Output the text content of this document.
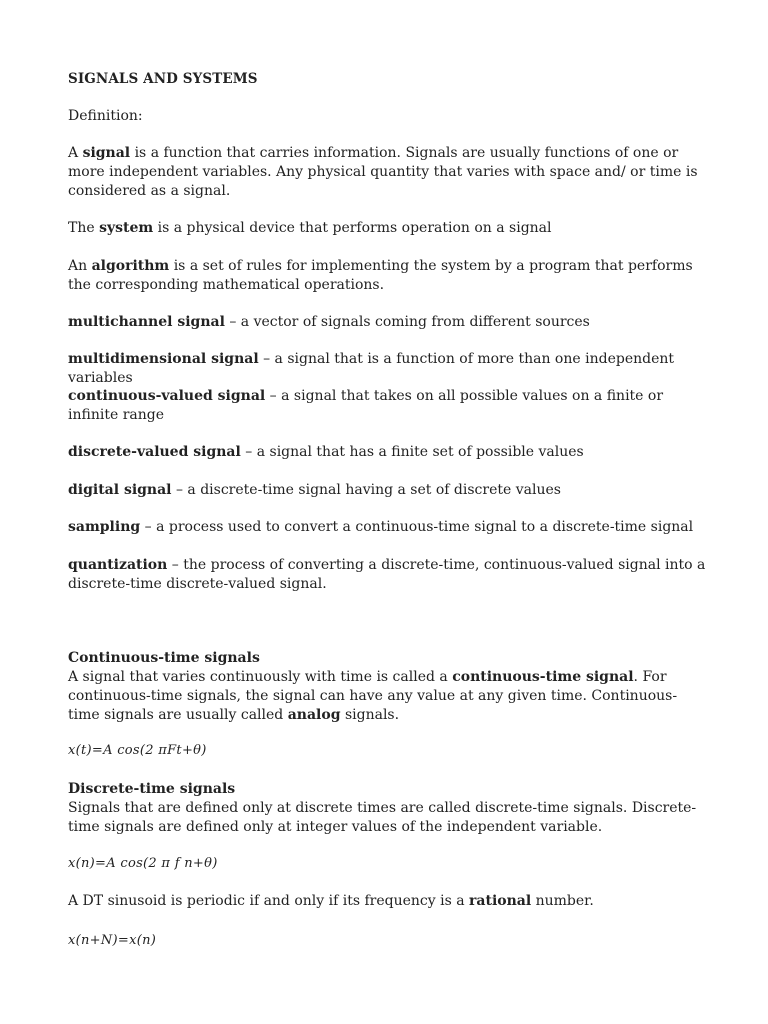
SIGNALS AND SYSTEMS

Definition:

A signal is a function that carries information. Signals are usually functions of one or more independent variables. Any physical quantity that varies with space and/ or time is considered as a signal.

The system is a physical device that performs operation on a signal

An algorithm is a set of rules for implementing the system by a program that performs the corresponding mathematical operations.

multichannel signal – a vector of signals coming from different sources

multidimensional signal – a signal that is a function of more than one independent variables

continuous-valued signal – a signal that takes on all possible values on a finite or infinite range

discrete-valued signal – a signal that has a finite set of possible values

digital signal – a discrete-time signal having a set of discrete values

sampling – a process used to convert a continuous-time signal to a discrete-time signal

quantization – the process of converting a discrete-time, continuous-valued signal into a discrete-time discrete-valued signal.

Continuous-time signals

A signal that varies continuously with time is called a continuous-time signal. For continuous-time signals, the signal can have any value at any given time. Continuous-time signals are usually called analog signals.

x(t)=A cos(2 πFt+θ)

Discrete-time signals

Signals that are defined only at discrete times are called discrete-time signals. Discrete-time signals are defined only at integer values of the independent variable.

x(n)=A cos(2 π f n+θ)

A DT sinusoid is periodic if and only if its frequency is a rational number.

x(n+N)=x(n)
